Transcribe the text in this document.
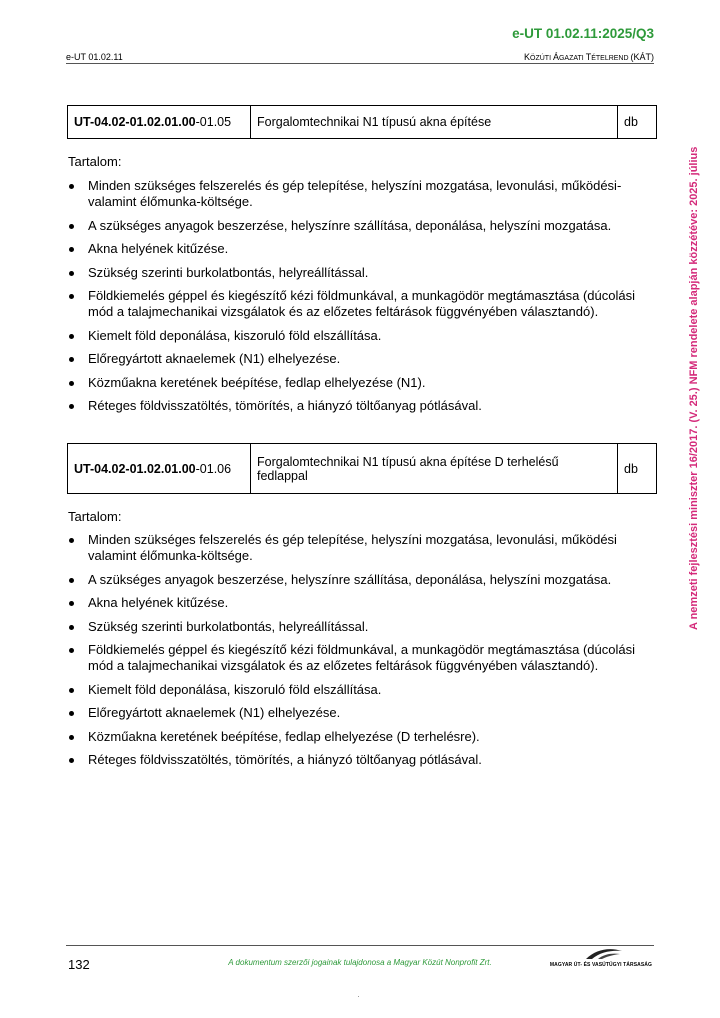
e-UT 01.02.11:2025/Q3
e-UT 01.02.11	KÖZÚTI ÁGAZATI TÉTELREND (KÁT)
A nemzeti fejlesztési miniszter 16/2017. (V. 25.) NFM rendelete alapján közzétéve: 2025. július
UT-04.02-01.02.01.00-01.05	Forgalomtechnikai N1 típusú akna építése	db
Tartalom:
Minden szükséges felszerelés és gép telepítése, helyszíni mozgatása, levonulási, működési-valamint élőmunka-költsége.
A szükséges anyagok beszerzése, helyszínre szállítása, deponálása, helyszíni mozgatása.
Akna helyének kitűzése.
Szükség szerinti burkolatbontás, helyreállítással.
Földkiemelés géppel és kiegészítő kézi földmunkával, a munkagödör megtámasztása (dúcolási mód a talajmechanikai vizsgálatok és az előzetes feltárások függvényében választandó).
Kiemelt föld deponálása, kiszoruló föld elszállítása.
Előregyártott aknaelemek (N1) elhelyezése.
Közműakna keretének beépítése, fedlap elhelyezése (N1).
Réteges földvisszatöltés, tömörítés, a hiányzó töltőanyag pótlásával.
UT-04.02-01.02.01.00-01.06	Forgalomtechnikai N1 típusú akna építése D terhelésű fedlappal	db
Tartalom:
Minden szükséges felszerelés és gép telepítése, helyszíni mozgatása, levonulási, működési valamint élőmunka-költsége.
A szükséges anyagok beszerzése, helyszínre szállítása, deponálása, helyszíni mozgatása.
Akna helyének kitűzése.
Szükség szerinti burkolatbontás, helyreállítással.
Földkiemelés géppel és kiegészítő kézi földmunkával, a munkagödör megtámasztása (dúcolási mód a talajmechanikai vizsgálatok és az előzetes feltárások függvényében választandó).
Kiemelt föld deponálása, kiszoruló föld elszállítása.
Előregyártott aknaelemek (N1) elhelyezése.
Közműakna keretének beépítése, fedlap elhelyezése (D terhelésre).
Réteges földvisszatöltés, tömörítés, a hiányzó töltőanyag pótlásával.
132	A dokumentum szerzői jogainak tulajdonosa a Magyar Közút Nonprofit Zrt.	MAGYAR ÚT- ÉS VASÚTÜGYI TÁRSASÁG
